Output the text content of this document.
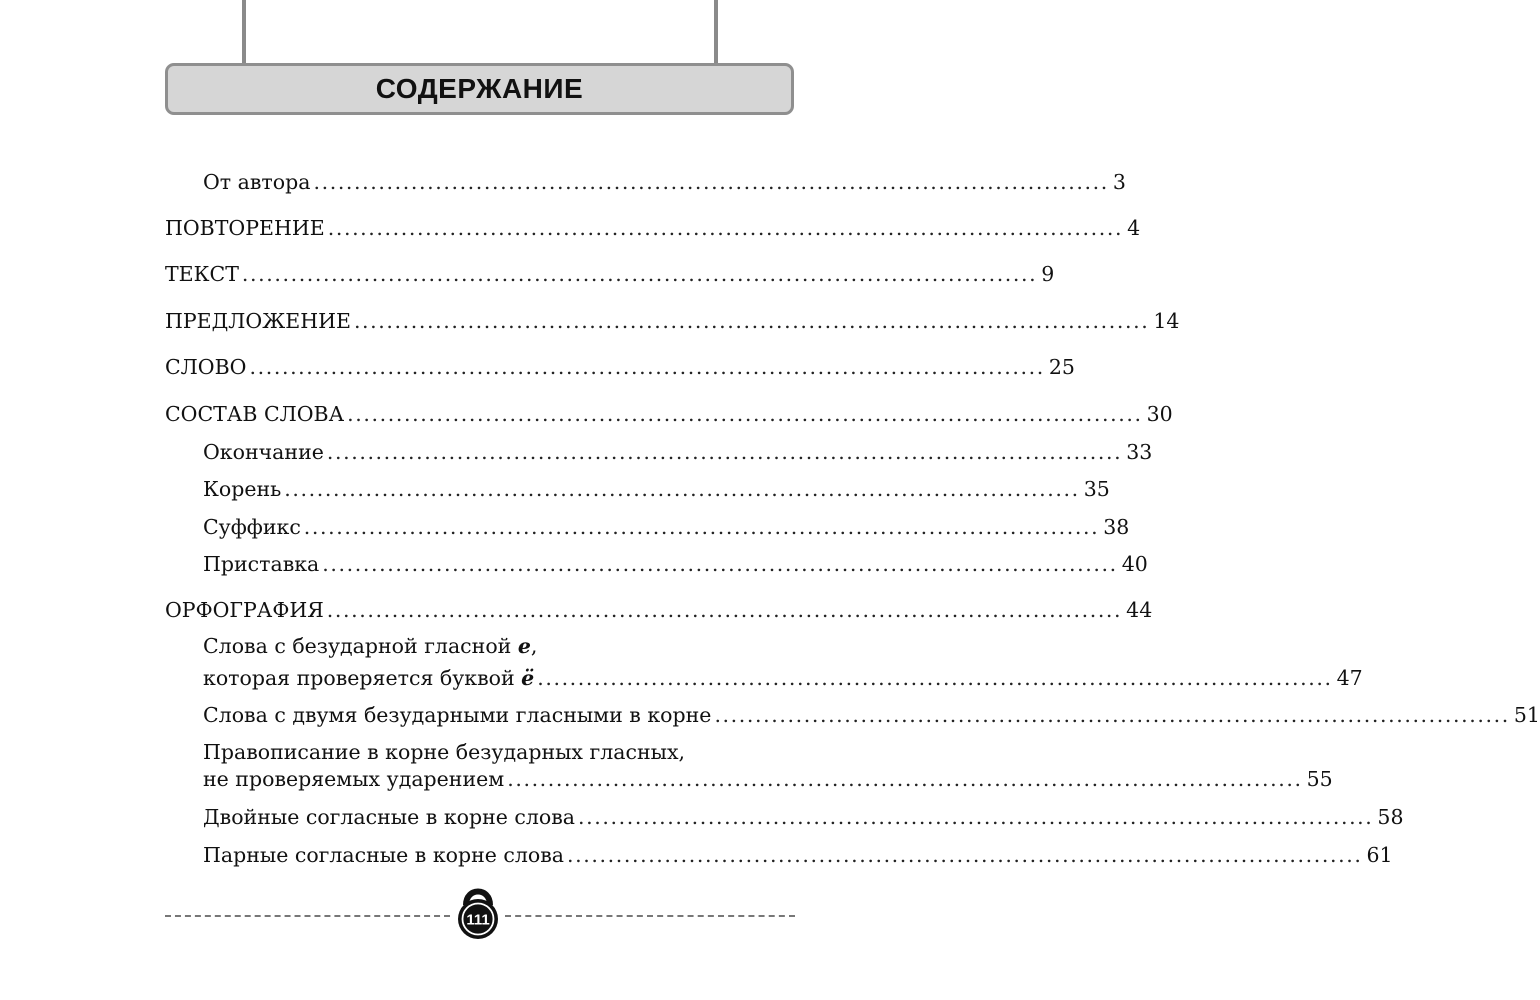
СОДЕРЖАНИЕ
От автора .................................................................................................. 3
ПОВТОРЕНИЕ .................................................................................................. 4
ТЕКСТ .................................................................................................. 9
ПРЕДЛОЖЕНИЕ .................................................................................................. 14
СЛОВО .................................................................................................. 25
СОСТАВ СЛОВА .................................................................................................. 30
Окончание .................................................................................................. 33
Корень .................................................................................................. 35
Суффикс .................................................................................................. 38
Приставка .................................................................................................. 40
ОРФОГРАФИЯ .................................................................................................. 44
Слова с безударной гласной е,
которая проверяется буквой ё .................................................................................................. 47
Слова с двумя безударными гласными в корне .................................................................................................. 51
Правописание в корне безударных гласных,
не проверяемых ударением .................................................................................................. 55
Двойные согласные в корне слова .................................................................................................. 58
Парные согласные в корне слова .................................................................................................. 61
111
